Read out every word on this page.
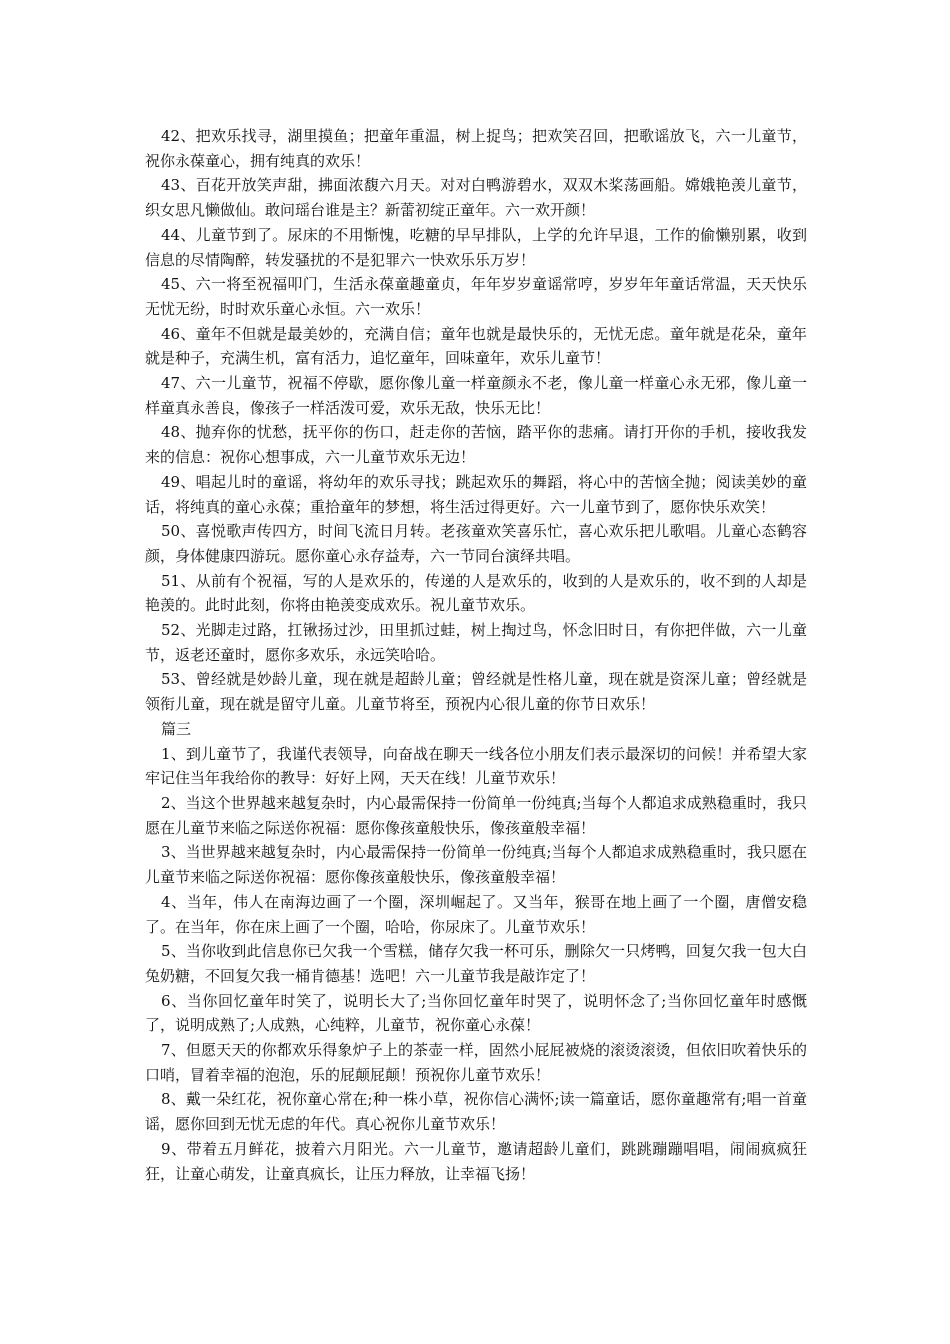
42、把欢乐找寻，湖里摸鱼；把童年重温，树上捉鸟；把欢笑召回，把歌谣放飞，六一儿童节，祝你永葆童心，拥有纯真的欢乐！

43、百花开放笑声甜，拂面浓馥六月天。对对白鸭游碧水，双双木桨荡画船。嫦娥艳羡儿童节，织女思凡懒做仙。敢问瑶台谁是主？新蕾初绽正童年。六一欢开颜！

44、儿童节到了。尿床的不用惭愧，吃糖的早早排队，上学的允许早退，工作的偷懒别累，收到信息的尽情陶醉，转发骚扰的不是犯罪六一快欢乐乐万岁！

45、六一将至祝福叩门，生活永葆童趣童贞，年年岁岁童谣常哼，岁岁年年童话常温，天天快乐无忧无纷，时时欢乐童心永恒。六一欢乐！

46、童年不但就是最美妙的，充满自信；童年也就是最快乐的，无忧无虑。童年就是花朵，童年就是种子，充满生机，富有活力，追忆童年，回味童年，欢乐儿童节！

47、六一儿童节，祝福不停歇，愿你像儿童一样童颜永不老，像儿童一样童心永无邪，像儿童一样童真永善良，像孩子一样活泼可爱，欢乐无敌，快乐无比！

48、抛弃你的忧愁，抚平你的伤口，赶走你的苦恼，踏平你的悲痛。请打开你的手机，接收我发来的信息：祝你心想事成，六一儿童节欢乐无边！

49、唱起儿时的童谣，将幼年的欢乐寻找；跳起欢乐的舞蹈，将心中的苦恼全抛；阅读美妙的童话，将纯真的童心永葆；重拾童年的梦想，将生活过得更好。六一儿童节到了，愿你快乐欢笑！

50、喜悦歌声传四方，时间飞流日月转。老孩童欢笑喜乐忙，喜心欢乐把儿歌唱。儿童心态鹤容颜，身体健康四游玩。愿你童心永存益寿，六一节同台演绎共唱。

51、从前有个祝福，写的人是欢乐的，传递的人是欢乐的，收到的人是欢乐的，收不到的人却是艳羡的。此时此刻，你将由艳羡变成欢乐。祝儿童节欢乐。

52、光脚走过路，扛锹扬过沙，田里抓过蛙，树上掏过鸟，怀念旧时日，有你把伴做，六一儿童节，返老还童时，愿你多欢乐，永远笑哈哈。

53、曾经就是妙龄儿童，现在就是超龄儿童；曾经就是性格儿童，现在就是资深儿童；曾经就是领衔儿童，现在就是留守儿童。儿童节将至，预祝内心很儿童的你节日欢乐！

篇三

1、到儿童节了，我谨代表领导，向奋战在聊天一线各位小朋友们表示最深切的问候！并希望大家牢记住当年我给你的教导：好好上网，天天在线！儿童节欢乐！

2、当这个世界越来越复杂时，内心最需保持一份简单一份纯真;当每个人都追求成熟稳重时，我只愿在儿童节来临之际送你祝福：愿你像孩童般快乐，像孩童般幸福！

3、当世界越来越复杂时，内心最需保持一份简单一份纯真;当每个人都追求成熟稳重时，我只愿在儿童节来临之际送你祝福：愿你像孩童般快乐，像孩童般幸福！

4、当年，伟人在南海边画了一个圈，深圳崛起了。又当年，猴哥在地上画了一个圈，唐僧安稳了。在当年，你在床上画了一个圈，哈哈，你尿床了。儿童节欢乐！

5、当你收到此信息你已欠我一个雪糕，储存欠我一杯可乐，删除欠一只烤鸭，回复欠我一包大白兔奶糖，不回复欠我一桶肯德基！选吧！六一儿童节我是敲诈定了！

6、当你回忆童年时笑了，说明长大了;当你回忆童年时哭了，说明怀念了;当你回忆童年时感慨了，说明成熟了;人成熟，心纯粹，儿童节，祝你童心永葆！

7、但愿天天的你都欢乐得象炉子上的茶壶一样，固然小屁屁被烧的滚烫滚烫，但依旧吹着快乐的口哨，冒着幸福的泡泡，乐的屁颠屁颠！预祝你儿童节欢乐！

8、戴一朵红花，祝你童心常在;种一株小草，祝你信心满怀;读一篇童话，愿你童趣常有;唱一首童谣，愿你回到无忧无虑的年代。真心祝你儿童节欢乐！

9、带着五月鲜花，披着六月阳光。六一儿童节，邀请超龄儿童们，跳跳蹦蹦唱唱，闹闹疯疯狂狂，让童心萌发，让童真疯长，让压力释放，让幸福飞扬！
